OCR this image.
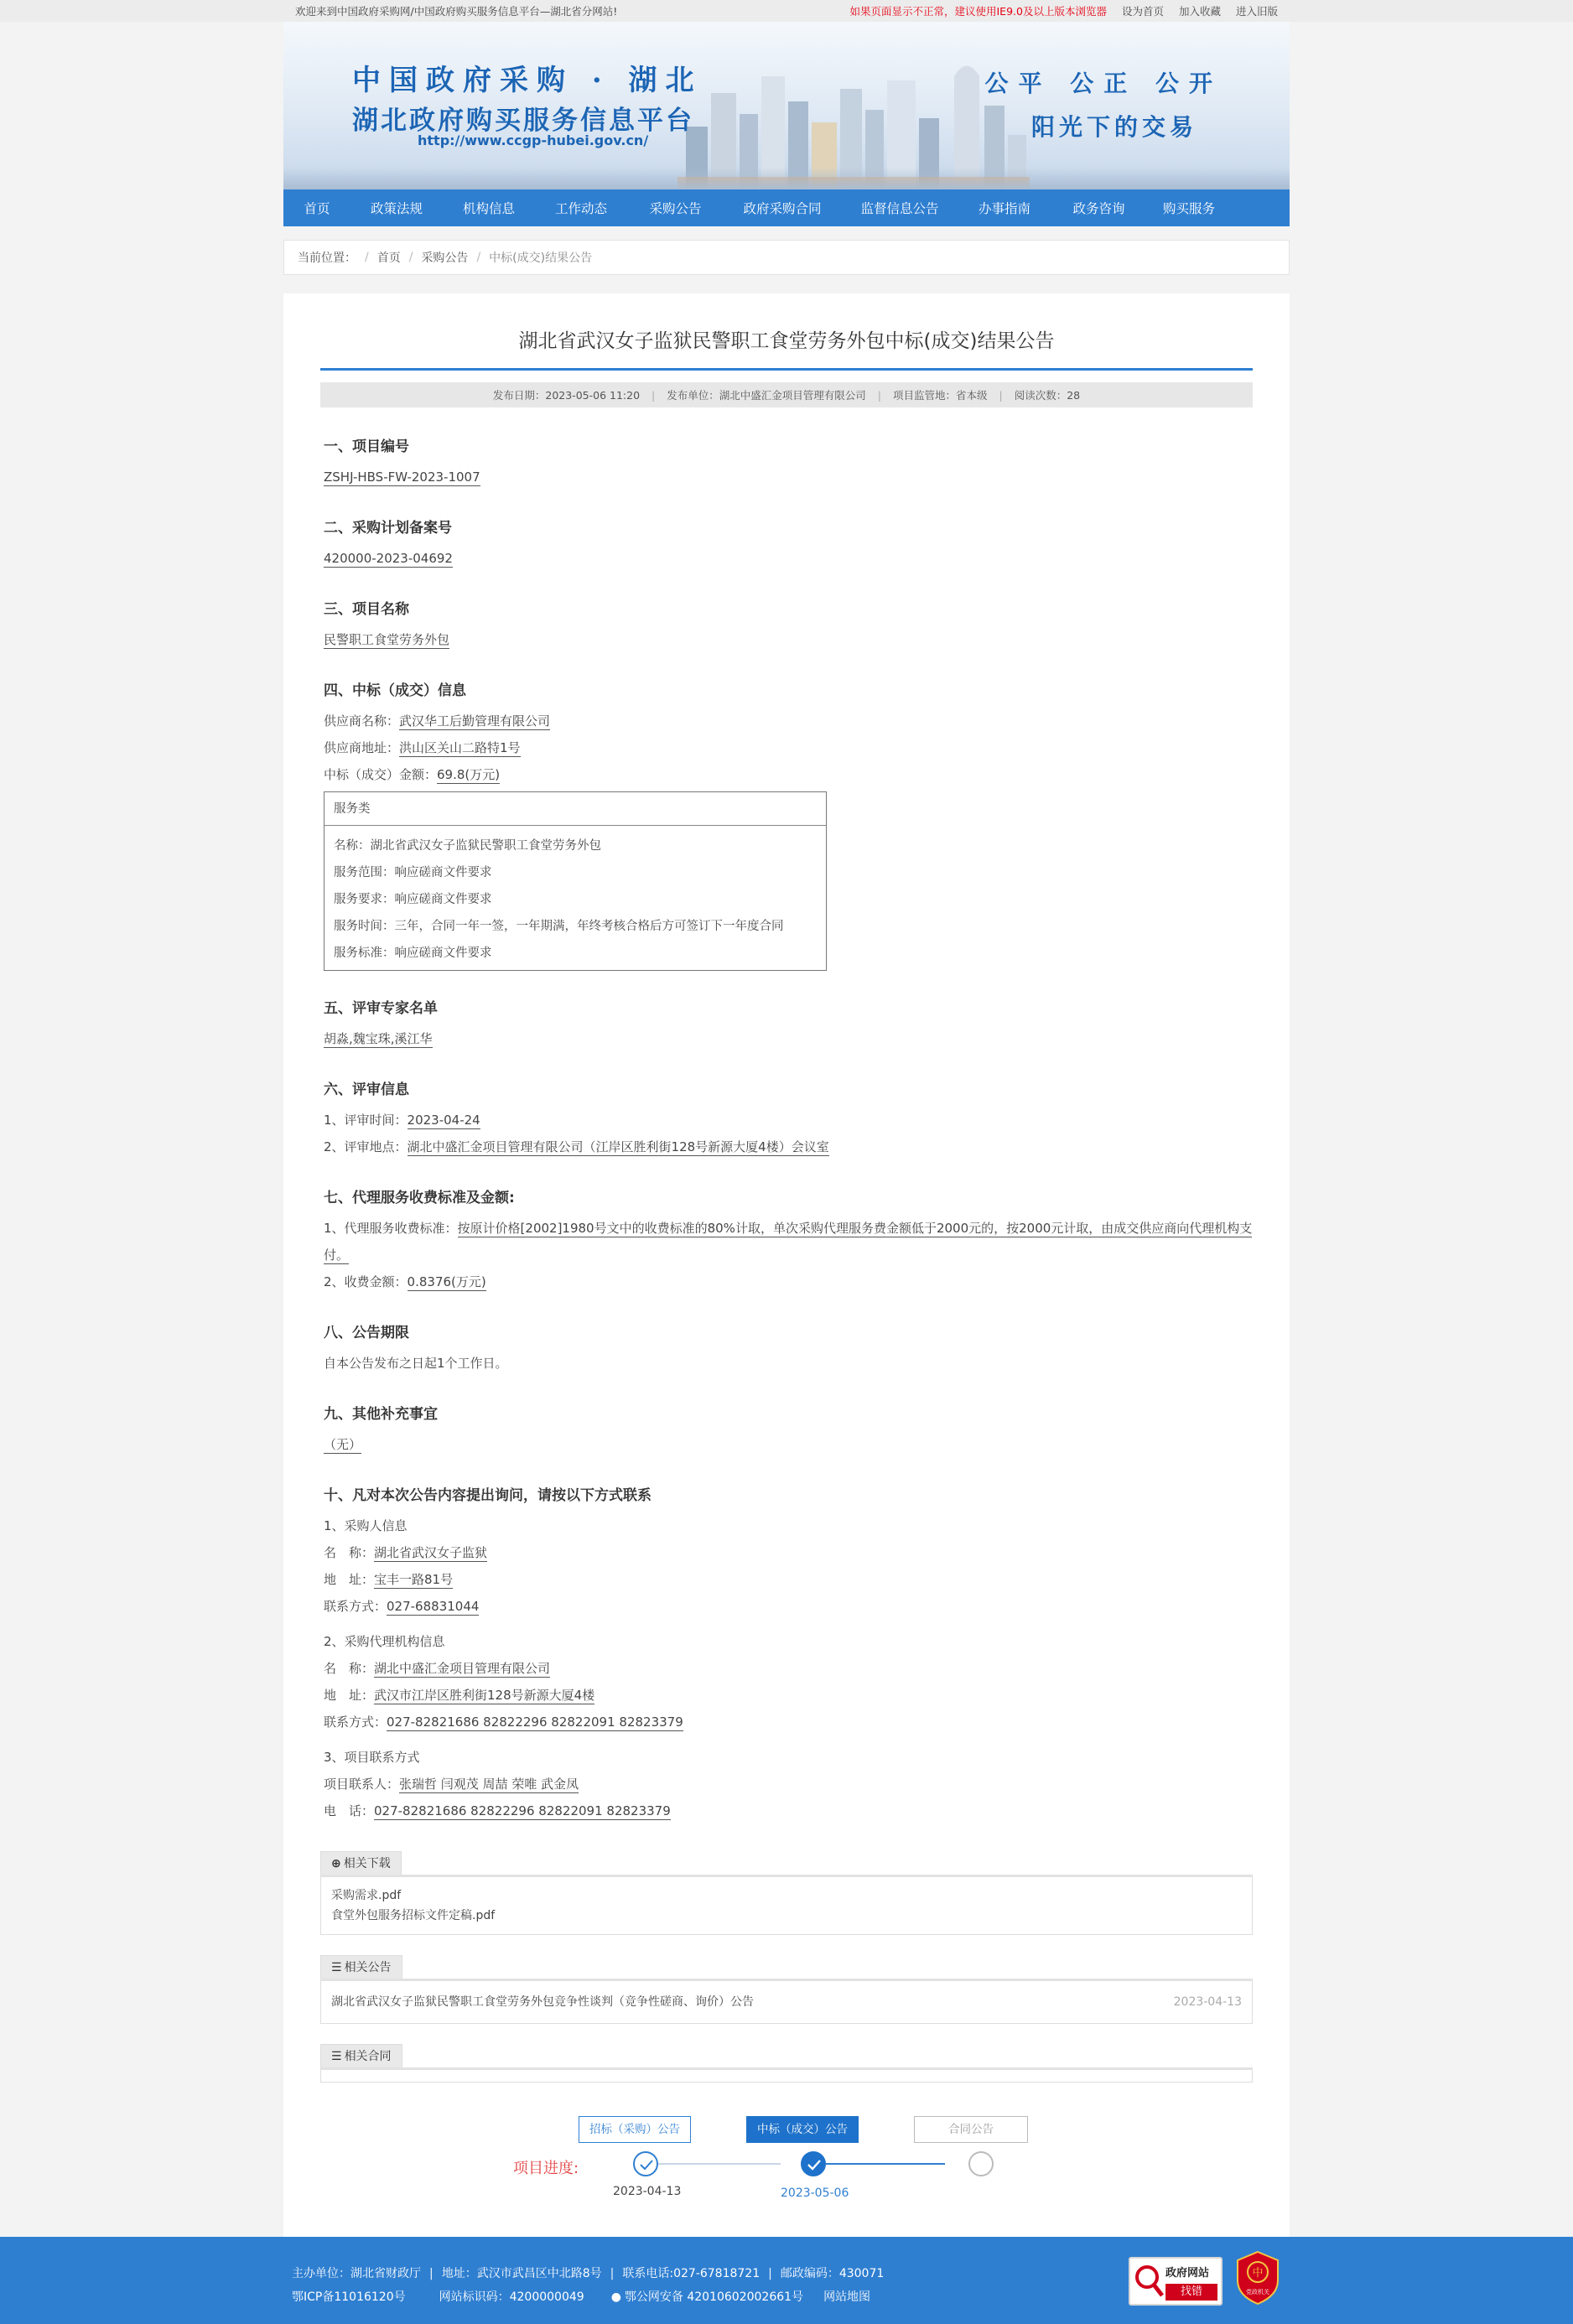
欢迎来到中国政府采购网/中国政府购买服务信息平台—湖北省分网站!	如果页面显示不正常，建议使用IE9.0及以上版本浏览器 设为首页 加入收藏 进入旧版
中国政府采购 · 湖北
湖北政府购买服务信息平台
http://www.ccgp-hubei.gov.cn/
公平 公正 公开
阳光下的交易
首页	政策法规	机构信息	工作动态	采购公告	政府采购合同	监督信息公告	办事指南	政务咨询	购买服务
当前位置： / 首页 / 采购公告 / 中标(成交)结果公告
湖北省武汉女子监狱民警职工食堂劳务外包中标(成交)结果公告
发布日期：2023-05-06 11:20 | 发布单位：湖北中盛汇金项目管理有限公司 | 项目监管地：省本级 | 阅读次数：28
一、项目编号
ZSHJ-HBS-FW-2023-1007
二、采购计划备案号
420000-2023-04692
三、项目名称
民警职工食堂劳务外包
四、中标（成交）信息
供应商名称：武汉华工后勤管理有限公司
供应商地址：洪山区关山二路特1号
中标（成交）金额：69.8(万元)
服务类
名称：湖北省武汉女子监狱民警职工食堂劳务外包
服务范围：响应磋商文件要求
服务要求：响应磋商文件要求
服务时间：三年，合同一年一签，一年期满，年终考核合格后方可签订下一年度合同
服务标准：响应磋商文件要求
五、评审专家名单
胡淼,魏宝珠,溪江华
六、评审信息
1、评审时间：2023-04-24
2、评审地点：湖北中盛汇金项目管理有限公司（江岸区胜利街128号新源大厦4楼）会议室
七、代理服务收费标准及金额:
1、代理服务收费标准：按原计价格[2002]1980号文中的收费标准的80%计取，单次采购代理服务费金额低于2000元的，按2000元计取，由成交供应商向代理机构支付。
2、收费金额：0.8376(万元)
八、公告期限
自本公告发布之日起1个工作日。
九、其他补充事宜
（无）
十、凡对本次公告内容提出询问，请按以下方式联系
1、采购人信息
名　称：湖北省武汉女子监狱
地　址：宝丰一路81号
联系方式：027-68831044
2、采购代理机构信息
名　称：湖北中盛汇金项目管理有限公司
地　址：武汉市江岸区胜利街128号新源大厦4楼
联系方式：027-82821686 82822296 82822091 82823379
3、项目联系方式
项目联系人：张瑞哲 闫观茂 周喆 荣唯 武金凤
电　话：027-82821686 82822296 82822091 82823379
⊕ 相关下载
采购需求.pdf
食堂外包服务招标文件定稿.pdf
☰ 相关公告
湖北省武汉女子监狱民警职工食堂劳务外包竞争性谈判（竞争性磋商、询价）公告	2023-04-13
☰ 相关合同
项目进度:
招标（采购）公告	中标（成交）公告	合同公告
2023-04-13	2023-05-06
主办单位：湖北省财政厅 | 地址：武汉市武昌区中北路8号 | 联系电话:027-67818721 | 邮政编码：430071
鄂ICP备11016120号	网站标识码：4200000049 ● 鄂公网安备 42010602002661号 网站地图
政府网站
找错
中
党政机关
